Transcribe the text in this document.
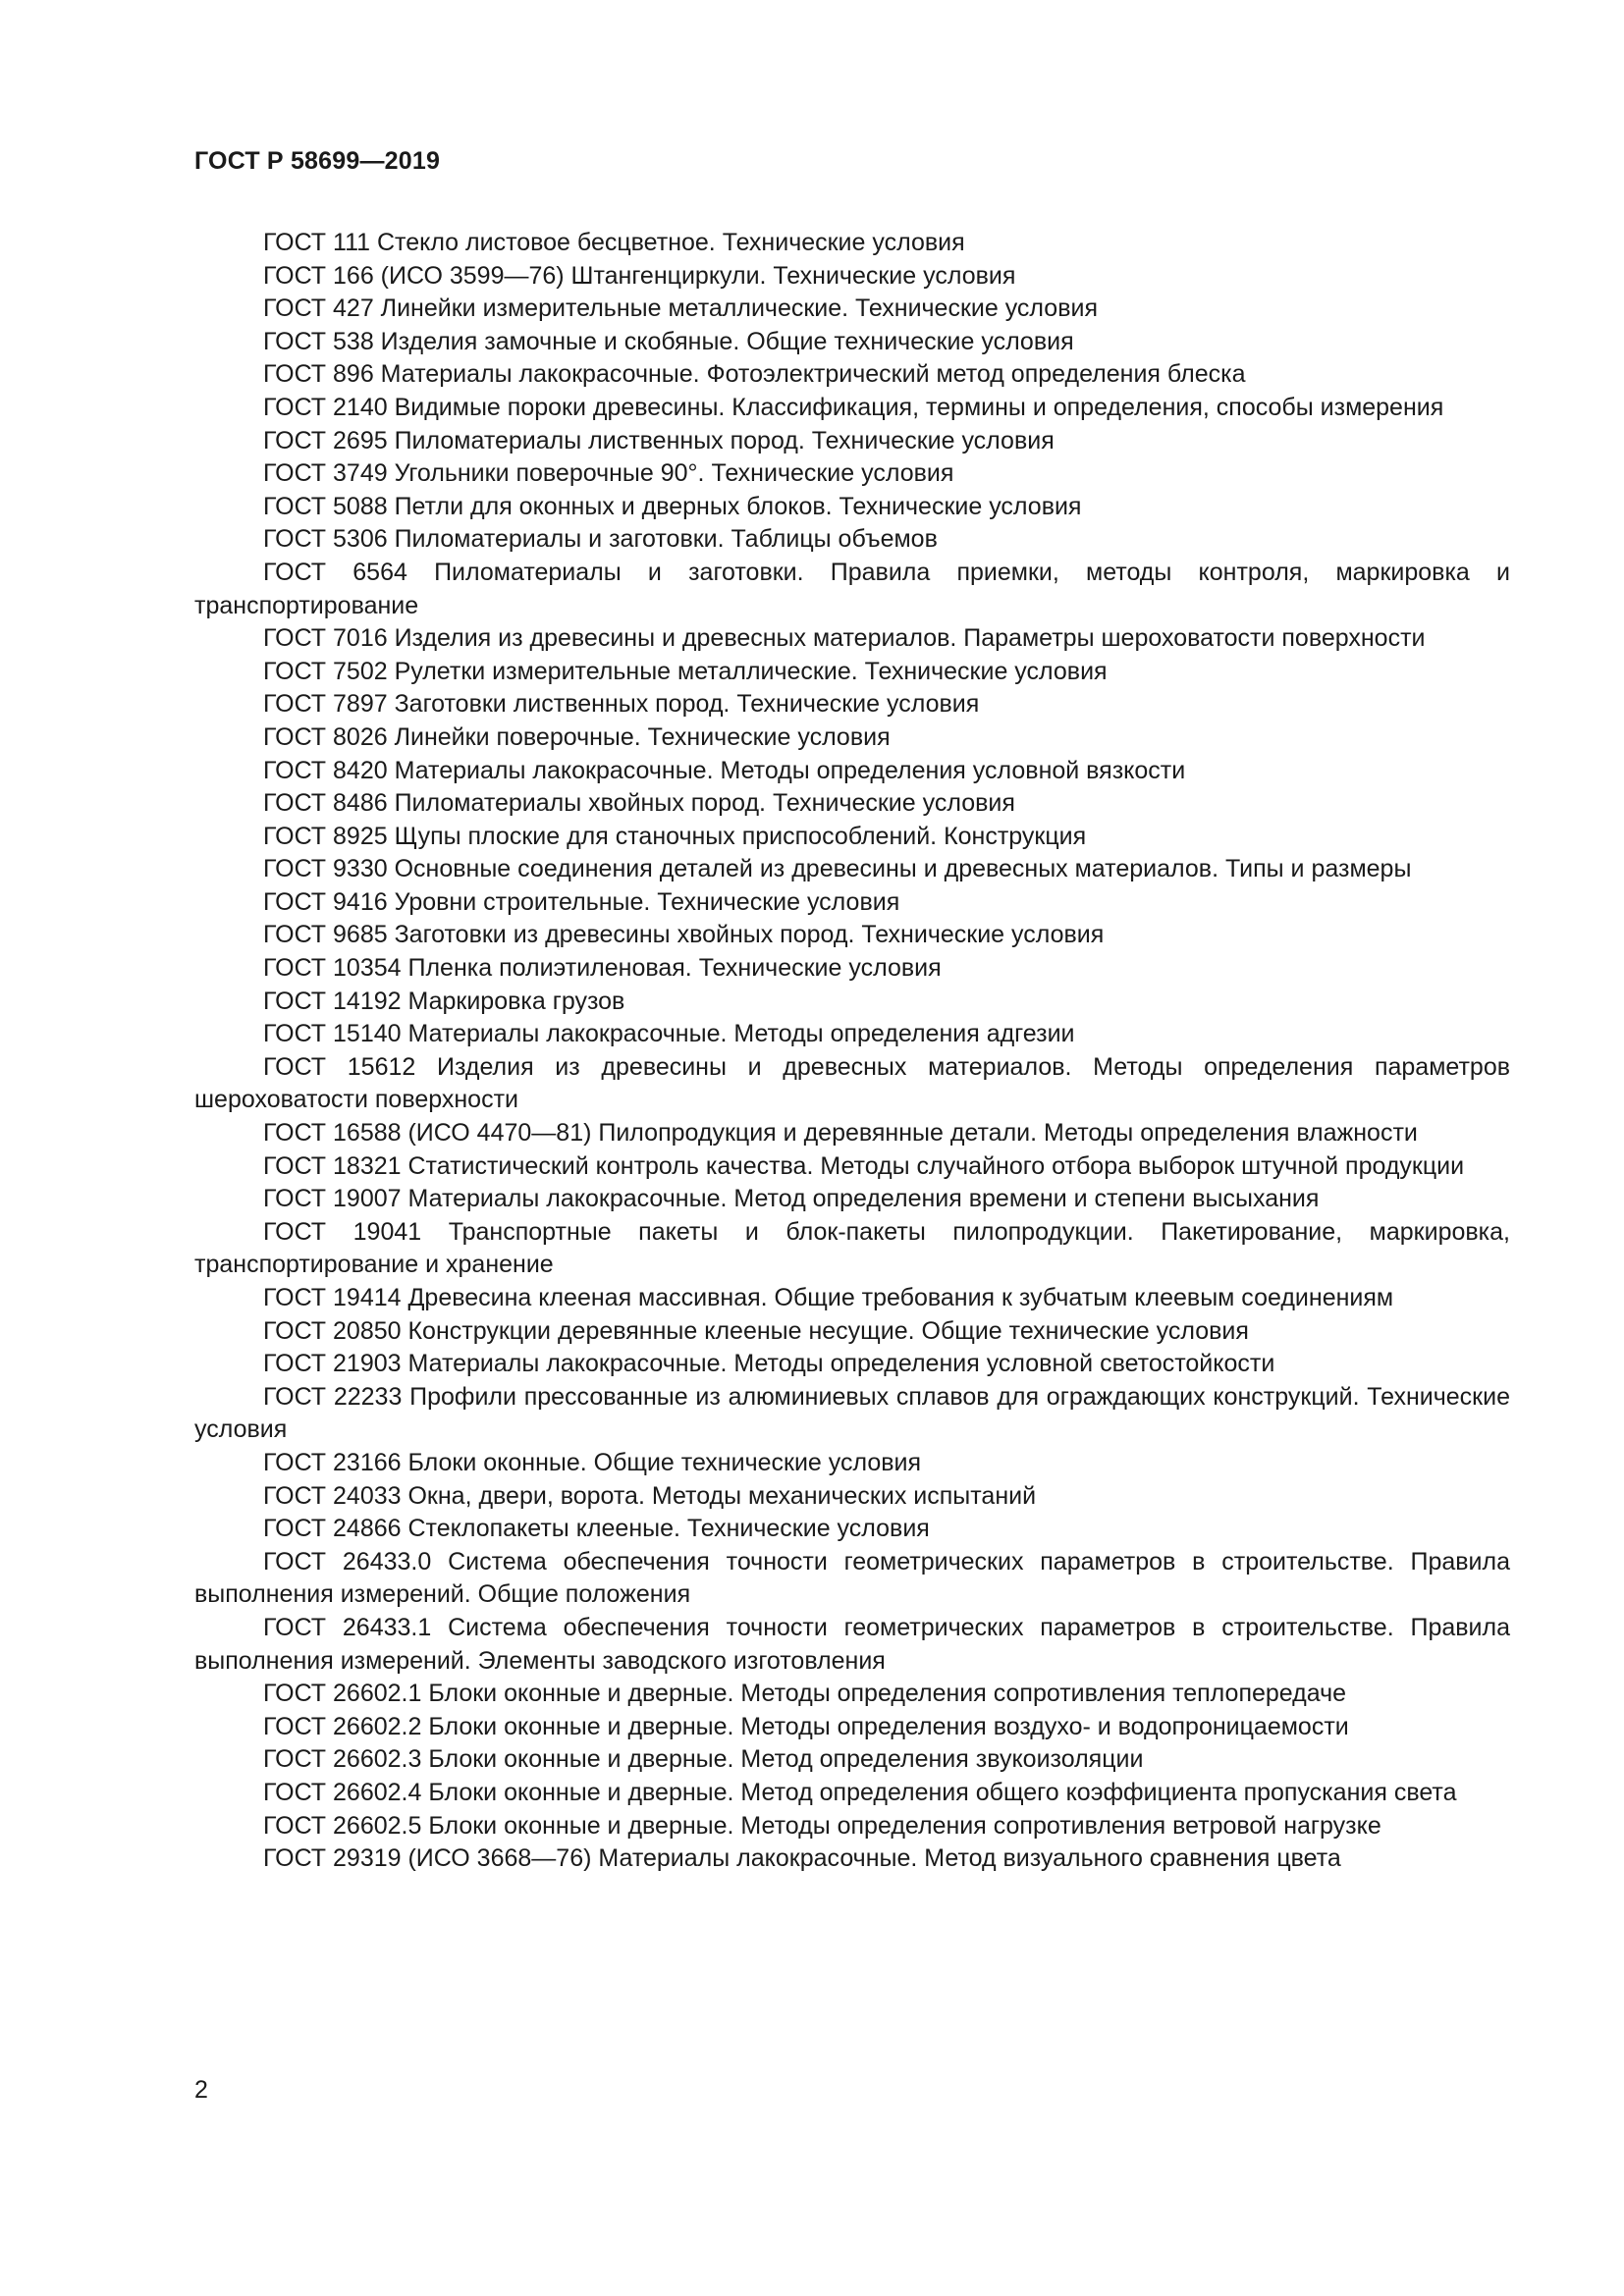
ГОСТ Р 58699—2019
ГОСТ 111 Стекло листовое бесцветное. Технические условия
ГОСТ 166 (ИСО 3599—76) Штангенциркули. Технические условия
ГОСТ 427 Линейки измерительные металлические. Технические условия
ГОСТ 538 Изделия замочные и скобяные. Общие технические условия
ГОСТ 896 Материалы лакокрасочные. Фотоэлектрический метод определения блеска
ГОСТ 2140 Видимые пороки древесины. Классификация, термины и определения, способы измерения
ГОСТ 2695 Пиломатериалы лиственных пород. Технические условия
ГОСТ 3749 Угольники поверочные 90°. Технические условия
ГОСТ 5088 Петли для оконных и дверных блоков. Технические условия
ГОСТ 5306 Пиломатериалы и заготовки. Таблицы объемов
ГОСТ 6564 Пиломатериалы и заготовки. Правила приемки, методы контроля, маркировка и транспортирование
ГОСТ 7016 Изделия из древесины и древесных материалов. Параметры шероховатости поверхности
ГОСТ 7502 Рулетки измерительные металлические. Технические условия
ГОСТ 7897 Заготовки лиственных пород. Технические условия
ГОСТ 8026 Линейки поверочные. Технические условия
ГОСТ 8420 Материалы лакокрасочные. Методы определения условной вязкости
ГОСТ 8486 Пиломатериалы хвойных пород. Технические условия
ГОСТ 8925 Щупы плоские для станочных приспособлений. Конструкция
ГОСТ 9330 Основные соединения деталей из древесины и древесных материалов. Типы и размеры
ГОСТ 9416 Уровни строительные. Технические условия
ГОСТ 9685 Заготовки из древесины хвойных пород. Технические условия
ГОСТ 10354 Пленка полиэтиленовая. Технические условия
ГОСТ 14192 Маркировка грузов
ГОСТ 15140 Материалы лакокрасочные. Методы определения адгезии
ГОСТ 15612 Изделия из древесины и древесных материалов. Методы определения параметров шероховатости поверхности
ГОСТ 16588 (ИСО 4470—81) Пилопродукция и деревянные детали. Методы определения влажности
ГОСТ 18321 Статистический контроль качества. Методы случайного отбора выборок штучной продукции
ГОСТ 19007 Материалы лакокрасочные. Метод определения времени и степени высыхания
ГОСТ 19041 Транспортные пакеты и блок-пакеты пилопродукции. Пакетирование, маркировка, транспортирование и хранение
ГОСТ 19414 Древесина клееная массивная. Общие требования к зубчатым клеевым соединениям
ГОСТ 20850 Конструкции деревянные клееные несущие. Общие технические условия
ГОСТ 21903 Материалы лакокрасочные. Методы определения условной светостойкости
ГОСТ 22233 Профили прессованные из алюминиевых сплавов для ограждающих конструкций. Технические условия
ГОСТ 23166 Блоки оконные. Общие технические условия
ГОСТ 24033 Окна, двери, ворота. Методы механических испытаний
ГОСТ 24866 Стеклопакеты клееные. Технические условия
ГОСТ 26433.0 Система обеспечения точности геометрических параметров в строительстве. Правила выполнения измерений. Общие положения
ГОСТ 26433.1 Система обеспечения точности геометрических параметров в строительстве. Правила выполнения измерений. Элементы заводского изготовления
ГОСТ 26602.1 Блоки оконные и дверные. Методы определения сопротивления теплопередаче
ГОСТ 26602.2 Блоки оконные и дверные. Методы определения воздухо- и водопроницаемости
ГОСТ 26602.3 Блоки оконные и дверные. Метод определения звукоизоляции
ГОСТ 26602.4 Блоки оконные и дверные. Метод определения общего коэффициента пропускания света
ГОСТ 26602.5 Блоки оконные и дверные. Методы определения сопротивления ветровой нагрузке
ГОСТ 29319 (ИСО 3668—76) Материалы лакокрасочные. Метод визуального сравнения цвета
2
